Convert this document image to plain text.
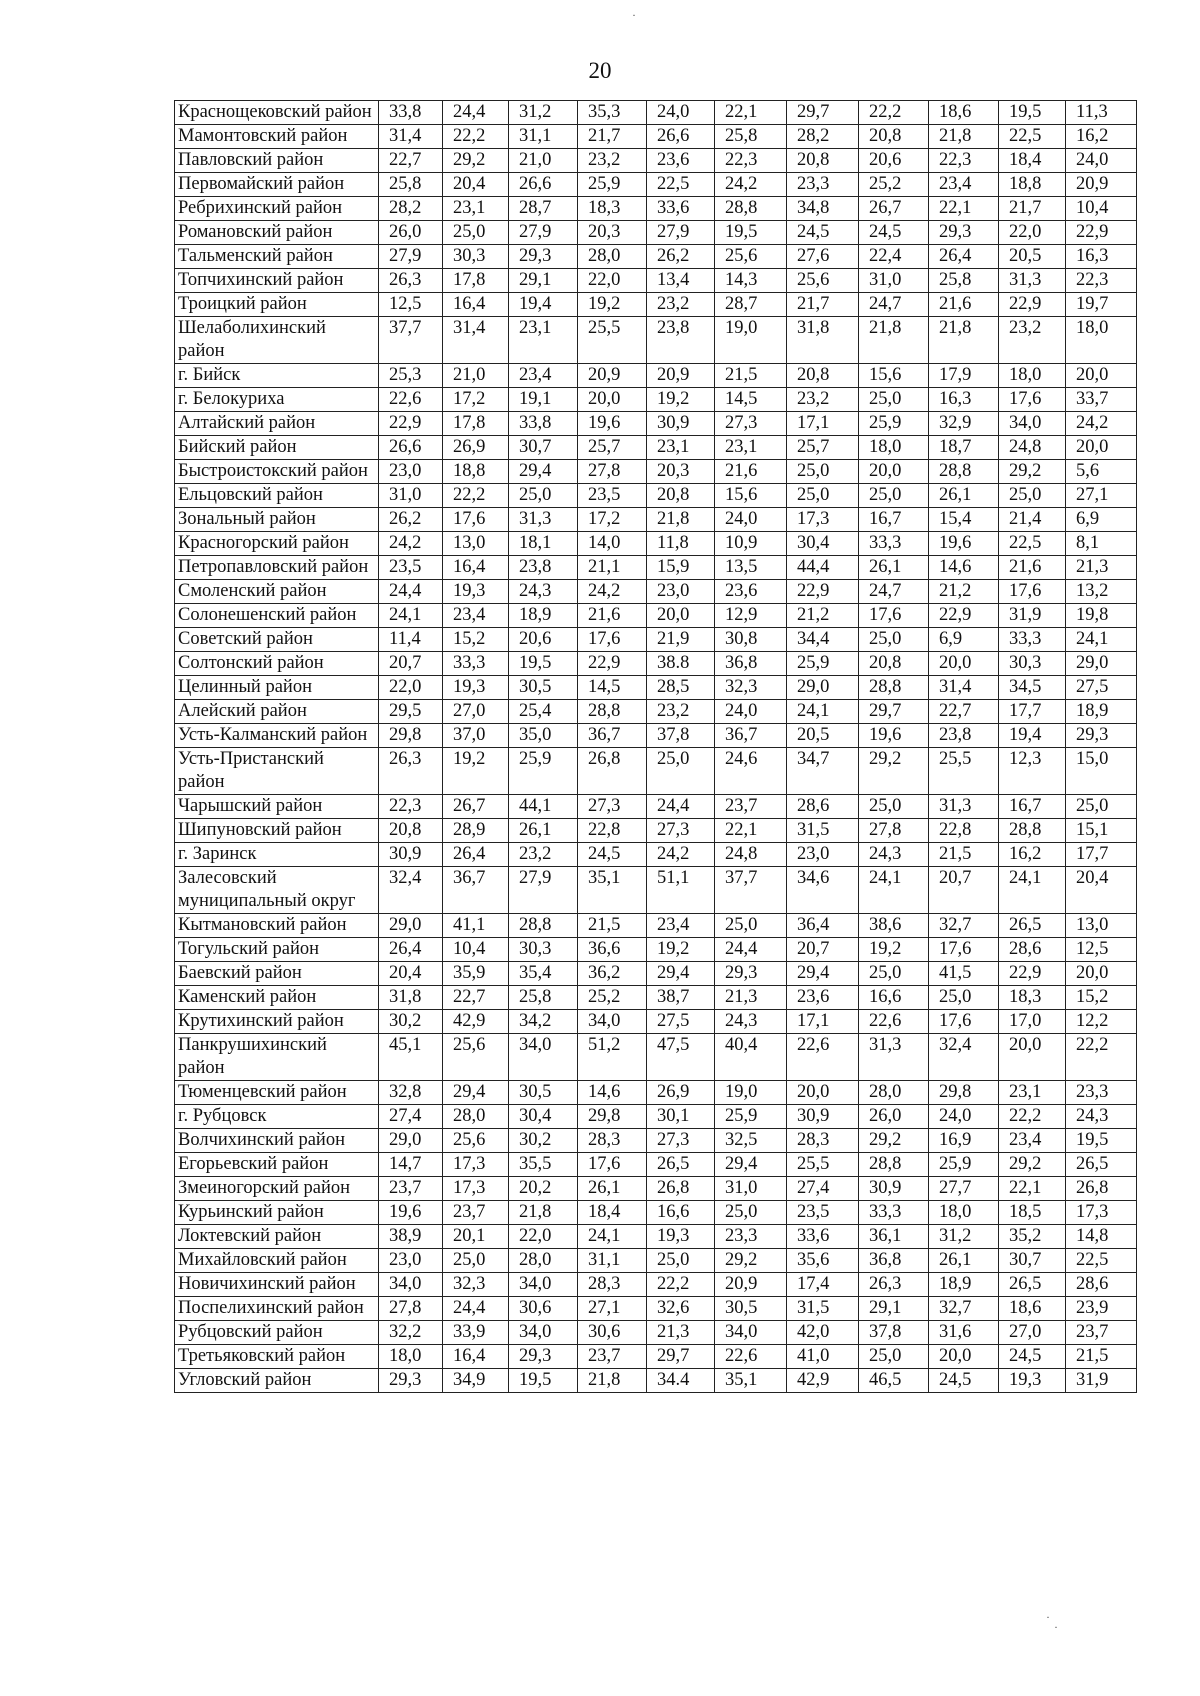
20
Краснощековский район	33,8	24,4	31,2	35,3	24,0	22,1	29,7	22,2	18,6	19,5	11,3
Мамонтовский район	31,4	22,2	31,1	21,7	26,6	25,8	28,2	20,8	21,8	22,5	16,2
Павловский район	22,7	29,2	21,0	23,2	23,6	22,3	20,8	20,6	22,3	18,4	24,0
Первомайский район	25,8	20,4	26,6	25,9	22,5	24,2	23,3	25,2	23,4	18,8	20,9
Ребрихинский район	28,2	23,1	28,7	18,3	33,6	28,8	34,8	26,7	22,1	21,7	10,4
Романовский район	26,0	25,0	27,9	20,3	27,9	19,5	24,5	24,5	29,3	22,0	22,9
Тальменский район	27,9	30,3	29,3	28,0	26,2	25,6	27,6	22,4	26,4	20,5	16,3
Топчихинский район	26,3	17,8	29,1	22,0	13,4	14,3	25,6	31,0	25,8	31,3	22,3
Троицкий район	12,5	16,4	19,4	19,2	23,2	28,7	21,7	24,7	21,6	22,9	19,7
Шелаболихинский район	37,7	31,4	23,1	25,5	23,8	19,0	31,8	21,8	21,8	23,2	18,0
г. Бийск	25,3	21,0	23,4	20,9	20,9	21,5	20,8	15,6	17,9	18,0	20,0
г. Белокуриха	22,6	17,2	19,1	20,0	19,2	14,5	23,2	25,0	16,3	17,6	33,7
Алтайский район	22,9	17,8	33,8	19,6	30,9	27,3	17,1	25,9	32,9	34,0	24,2
Бийский район	26,6	26,9	30,7	25,7	23,1	23,1	25,7	18,0	18,7	24,8	20,0
Быстроистокский район	23,0	18,8	29,4	27,8	20,3	21,6	25,0	20,0	28,8	29,2	5,6
Ельцовский район	31,0	22,2	25,0	23,5	20,8	15,6	25,0	25,0	26,1	25,0	27,1
Зональный район	26,2	17,6	31,3	17,2	21,8	24,0	17,3	16,7	15,4	21,4	6,9
Красногорский район	24,2	13,0	18,1	14,0	11,8	10,9	30,4	33,3	19,6	22,5	8,1
Петропавловский район	23,5	16,4	23,8	21,1	15,9	13,5	44,4	26,1	14,6	21,6	21,3
Смоленский район	24,4	19,3	24,3	24,2	23,0	23,6	22,9	24,7	21,2	17,6	13,2
Солонешенский район	24,1	23,4	18,9	21,6	20,0	12,9	21,2	17,6	22,9	31,9	19,8
Советский район	11,4	15,2	20,6	17,6	21,9	30,8	34,4	25,0	6,9	33,3	24,1
Солтонский район	20,7	33,3	19,5	22,9	38.8	36,8	25,9	20,8	20,0	30,3	29,0
Целинный район	22,0	19,3	30,5	14,5	28,5	32,3	29,0	28,8	31,4	34,5	27,5
Алейский район	29,5	27,0	25,4	28,8	23,2	24,0	24,1	29,7	22,7	17,7	18,9
Усть-Калманский район	29,8	37,0	35,0	36,7	37,8	36,7	20,5	19,6	23,8	19,4	29,3
Усть-Пристанский район	26,3	19,2	25,9	26,8	25,0	24,6	34,7	29,2	25,5	12,3	15,0
Чарышский район	22,3	26,7	44,1	27,3	24,4	23,7	28,6	25,0	31,3	16,7	25,0
Шипуновский район	20,8	28,9	26,1	22,8	27,3	22,1	31,5	27,8	22,8	28,8	15,1
г. Заринск	30,9	26,4	23,2	24,5	24,2	24,8	23,0	24,3	21,5	16,2	17,7
Залесовский муниципальный округ	32,4	36,7	27,9	35,1	51,1	37,7	34,6	24,1	20,7	24,1	20,4
Кытмановский район	29,0	41,1	28,8	21,5	23,4	25,0	36,4	38,6	32,7	26,5	13,0
Тогульский район	26,4	10,4	30,3	36,6	19,2	24,4	20,7	19,2	17,6	28,6	12,5
Баевский район	20,4	35,9	35,4	36,2	29,4	29,3	29,4	25,0	41,5	22,9	20,0
Каменский район	31,8	22,7	25,8	25,2	38,7	21,3	23,6	16,6	25,0	18,3	15,2
Крутихинский район	30,2	42,9	34,2	34,0	27,5	24,3	17,1	22,6	17,6	17,0	12,2
Панкрушихинский район	45,1	25,6	34,0	51,2	47,5	40,4	22,6	31,3	32,4	20,0	22,2
Тюменцевский район	32,8	29,4	30,5	14,6	26,9	19,0	20,0	28,0	29,8	23,1	23,3
г. Рубцовск	27,4	28,0	30,4	29,8	30,1	25,9	30,9	26,0	24,0	22,2	24,3
Волчихинский район	29,0	25,6	30,2	28,3	27,3	32,5	28,3	29,2	16,9	23,4	19,5
Егорьевский район	14,7	17,3	35,5	17,6	26,5	29,4	25,5	28,8	25,9	29,2	26,5
Змеиногорский район	23,7	17,3	20,2	26,1	26,8	31,0	27,4	30,9	27,7	22,1	26,8
Курьинский район	19,6	23,7	21,8	18,4	16,6	25,0	23,5	33,3	18,0	18,5	17,3
Локтевский район	38,9	20,1	22,0	24,1	19,3	23,3	33,6	36,1	31,2	35,2	14,8
Михайловский район	23,0	25,0	28,0	31,1	25,0	29,2	35,6	36,8	26,1	30,7	22,5
Новичихинский район	34,0	32,3	34,0	28,3	22,2	20,9	17,4	26,3	18,9	26,5	28,6
Поспелихинский район	27,8	24,4	30,6	27,1	32,6	30,5	31,5	29,1	32,7	18,6	23,9
Рубцовский район	32,2	33,9	34,0	30,6	21,3	34,0	42,0	37,8	31,6	27,0	23,7
Третьяковский район	18,0	16,4	29,3	23,7	29,7	22,6	41,0	25,0	20,0	24,5	21,5
Угловский район	29,3	34,9	19,5	21,8	34.4	35,1	42,9	46,5	24,5	19,3	31,9
·
·
·
